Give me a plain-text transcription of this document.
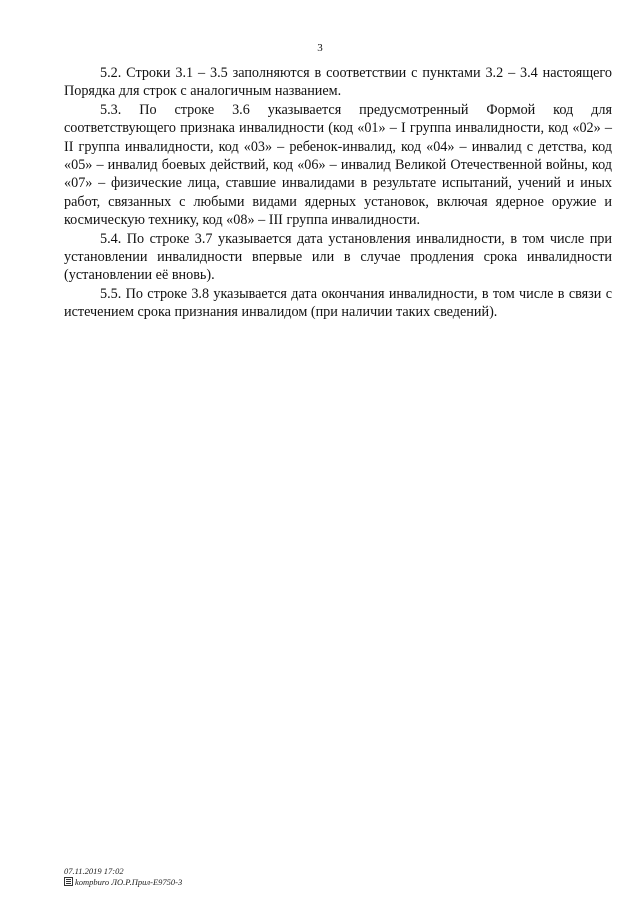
3

5.2. Строки 3.1 – 3.5 заполняются в соответствии с пунктами 3.2 – 3.4 настоящего Порядка для строк с аналогичным названием.

5.3. По строке 3.6 указывается предусмотренный Формой код для соответствующего признака инвалидности (код «01» – I группа инвалидности, код «02» – II группа инвалидности, код «03» – ребенок-инвалид, код «04» – инвалид с детства, код «05» – инвалид боевых действий, код «06» – инвалид Великой Отечественной войны, код «07» – физические лица, ставшие инвалидами в результате испытаний, учений и иных работ, связанных с любыми видами ядерных установок, включая ядерное оружие и космическую технику, код «08» – III группа инвалидности.

5.4. По строке 3.7 указывается дата установления инвалидности, в том числе при установлении инвалидности впервые или в случае продления срока инвалидности (установлении её вновь).

5.5. По строке 3.8 указывается дата окончания инвалидности, в том числе в связи с истечением срока признания инвалидом (при наличии таких сведений).

07.11.2019 17:02
kompburo ЛО.Р.Прил-Е9750-3
